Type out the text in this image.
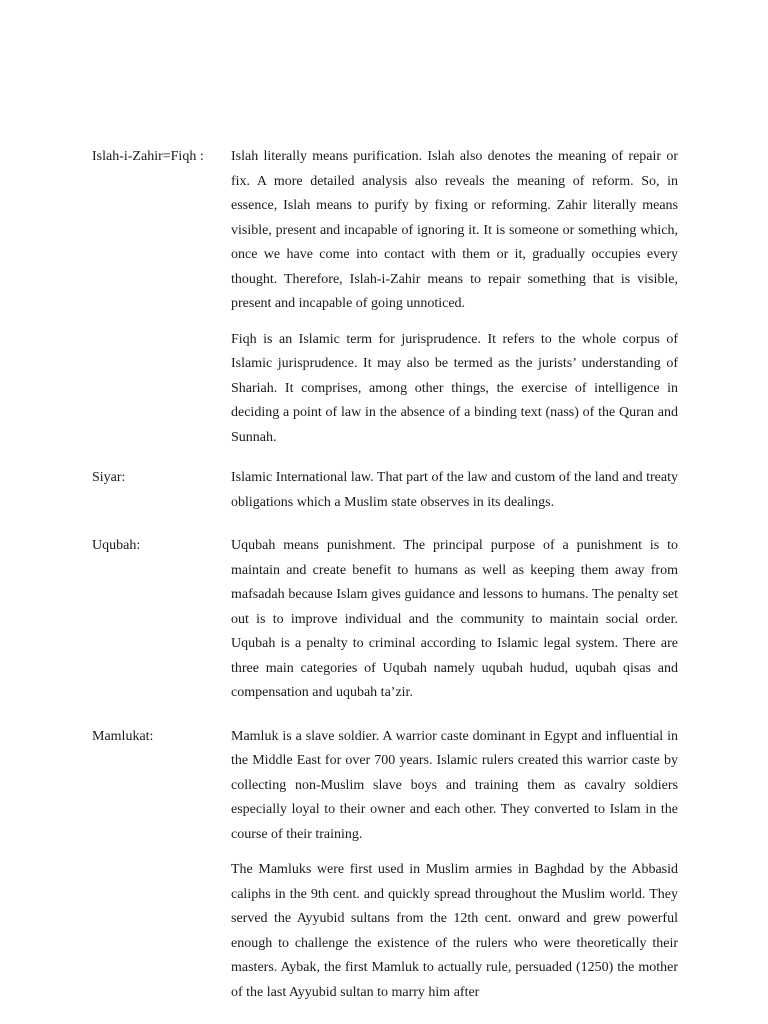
Islah-i-Zahir=Fiqh :	Islah literally means purification. Islah also denotes the meaning of repair or fix. A more detailed analysis also reveals the meaning of reform. So, in essence, Islah means to purify by fixing or reforming. Zahir literally means visible, present and incapable of ignoring it. It is someone or something which, once we have come into contact with them or it, gradually occupies every thought. Therefore, Islah-i-Zahir means to repair something that is visible, present and incapable of going unnoticed.

Fiqh is an Islamic term for jurisprudence. It refers to the whole corpus of Islamic jurisprudence. It may also be termed as the jurists’ understanding of Shariah. It comprises, among other things, the exercise of intelligence in deciding a point of law in the absence of a binding text (nass) of the Quran and Sunnah.

Siyar:	Islamic International law. That part of the law and custom of the land and treaty obligations which a Muslim state observes in its dealings.

Uqubah:	Uqubah means punishment. The principal purpose of a punishment is to maintain and create benefit to humans as well as keeping them away from mafsadah because Islam gives guidance and lessons to humans. The penalty set out is to improve individual and the community to maintain social order. Uqubah is a penalty to criminal according to Islamic legal system. There are three main categories of Uqubah namely uqubah hudud, uqubah qisas and compensation and uqubah ta’zir.

Mamlukat:	Mamluk is a slave soldier. A warrior caste dominant in Egypt and influential in the Middle East for over 700 years. Islamic rulers created this warrior caste by collecting non-Muslim slave boys and training them as cavalry soldiers especially loyal to their owner and each other. They converted to Islam in the course of their training.

The Mamluks were first used in Muslim armies in Baghdad by the Abbasid caliphs in the 9th cent. and quickly spread throughout the Muslim world. They served the Ayyubid sultans from the 12th cent. onward and grew powerful enough to challenge the existence of the rulers who were theoretically their masters. Aybak, the first Mamluk to actually rule, persuaded (1250) the mother of the last Ayyubid sultan to marry him after
